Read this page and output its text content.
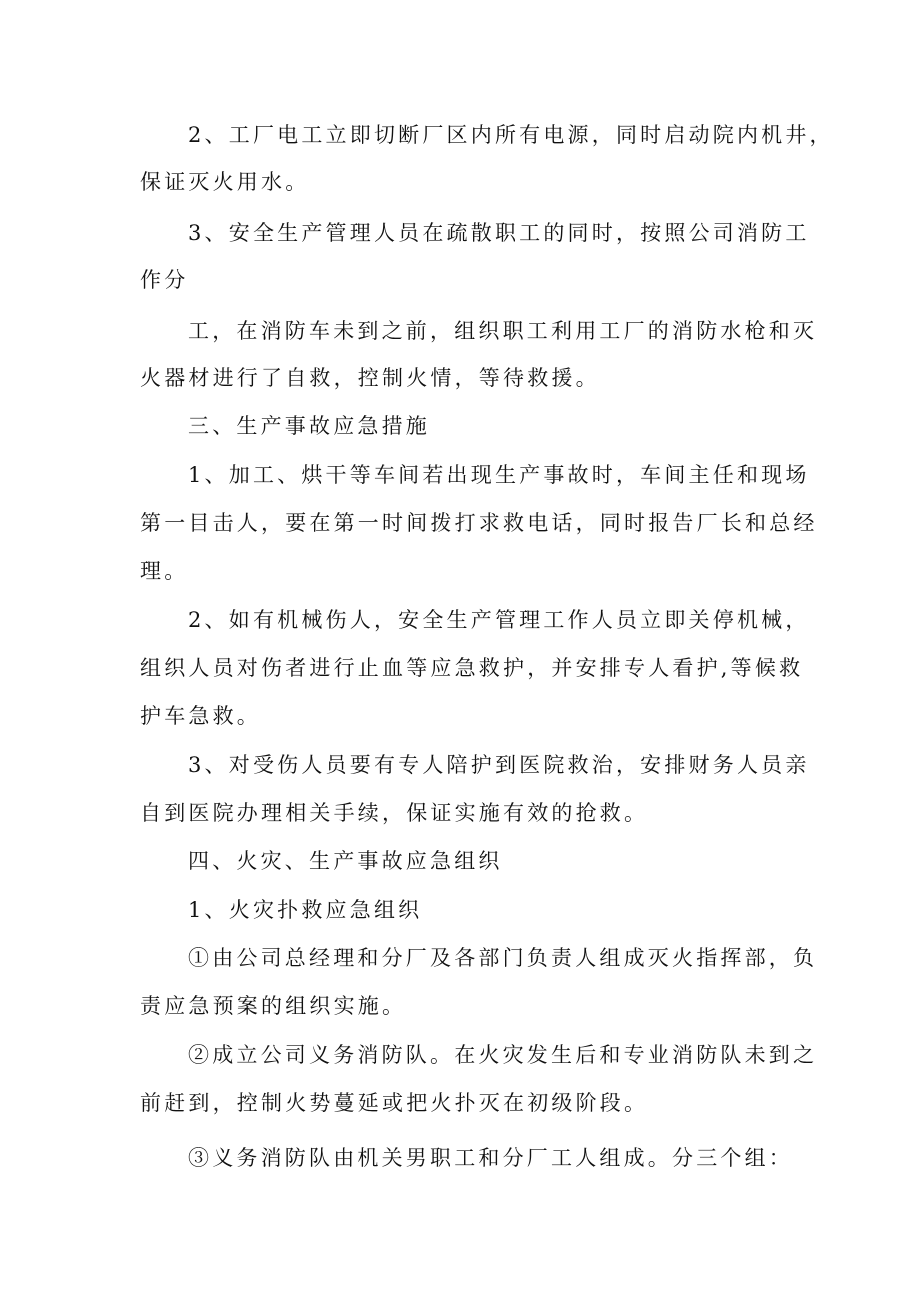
2、工厂电工立即切断厂区内所有电源，同时启动院内机井，
保证灭火用水。
3、安全生产管理人员在疏散职工的同时，按照公司消防工
作分
工，在消防车未到之前，组织职工利用工厂的消防水枪和灭
火器材进行了自救，控制火情，等待救援。
三、生产事故应急措施
1、加工、烘干等车间若出现生产事故时，车间主任和现场
第一目击人，要在第一时间拨打求救电话，同时报告厂长和总经
理。
2、如有机械伤人，安全生产管理工作人员立即关停机械，
组织人员对伤者进行止血等应急救护，并安排专人看护,等候救
护车急救。
3、对受伤人员要有专人陪护到医院救治，安排财务人员亲
自到医院办理相关手续，保证实施有效的抢救。
四、火灾、生产事故应急组织
1、火灾扑救应急组织
①由公司总经理和分厂及各部门负责人组成灭火指挥部，负
责应急预案的组织实施。
②成立公司义务消防队。在火灾发生后和专业消防队未到之
前赶到，控制火势蔓延或把火扑灭在初级阶段。
③义务消防队由机关男职工和分厂工人组成。分三个组：
